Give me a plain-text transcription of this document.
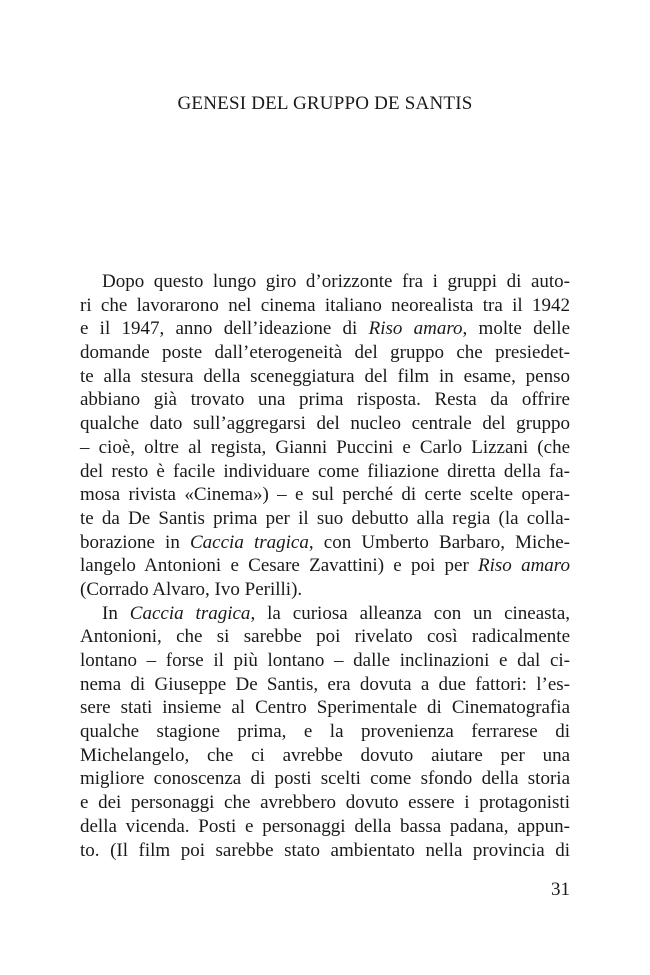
GENESI DEL GRUPPO DE SANTIS
Dopo questo lungo giro d’orizzonte fra i gruppi di auto-
ri che lavorarono nel cinema italiano neorealista tra il 1942
e il 1947, anno dell’ideazione di Riso amaro, molte delle
domande poste dall’eterogeneità del gruppo che presiedet-
te alla stesura della sceneggiatura del film in esame, penso
abbiano già trovato una prima risposta. Resta da offrire
qualche dato sull’aggregarsi del nucleo centrale del gruppo
– cioè, oltre al regista, Gianni Puccini e Carlo Lizzani (che
del resto è facile individuare come filiazione diretta della fa-
mosa rivista «Cinema») – e sul perché di certe scelte opera-
te da De Santis prima per il suo debutto alla regia (la colla-
borazione in Caccia tragica, con Umberto Barbaro, Miche-
langelo Antonioni e Cesare Zavattini) e poi per Riso amaro
(Corrado Alvaro, Ivo Perilli).
In Caccia tragica, la curiosa alleanza con un cineasta,
Antonioni, che si sarebbe poi rivelato così radicalmente
lontano – forse il più lontano – dalle inclinazioni e dal ci-
nema di Giuseppe De Santis, era dovuta a due fattori: l’es-
sere stati insieme al Centro Sperimentale di Cinematografia
qualche stagione prima, e la provenienza ferrarese di
Michelangelo, che ci avrebbe dovuto aiutare per una
migliore conoscenza di posti scelti come sfondo della storia
e dei personaggi che avrebbero dovuto essere i protagonisti
della vicenda. Posti e personaggi della bassa padana, appun-
to. (Il film poi sarebbe stato ambientato nella provincia di
31
